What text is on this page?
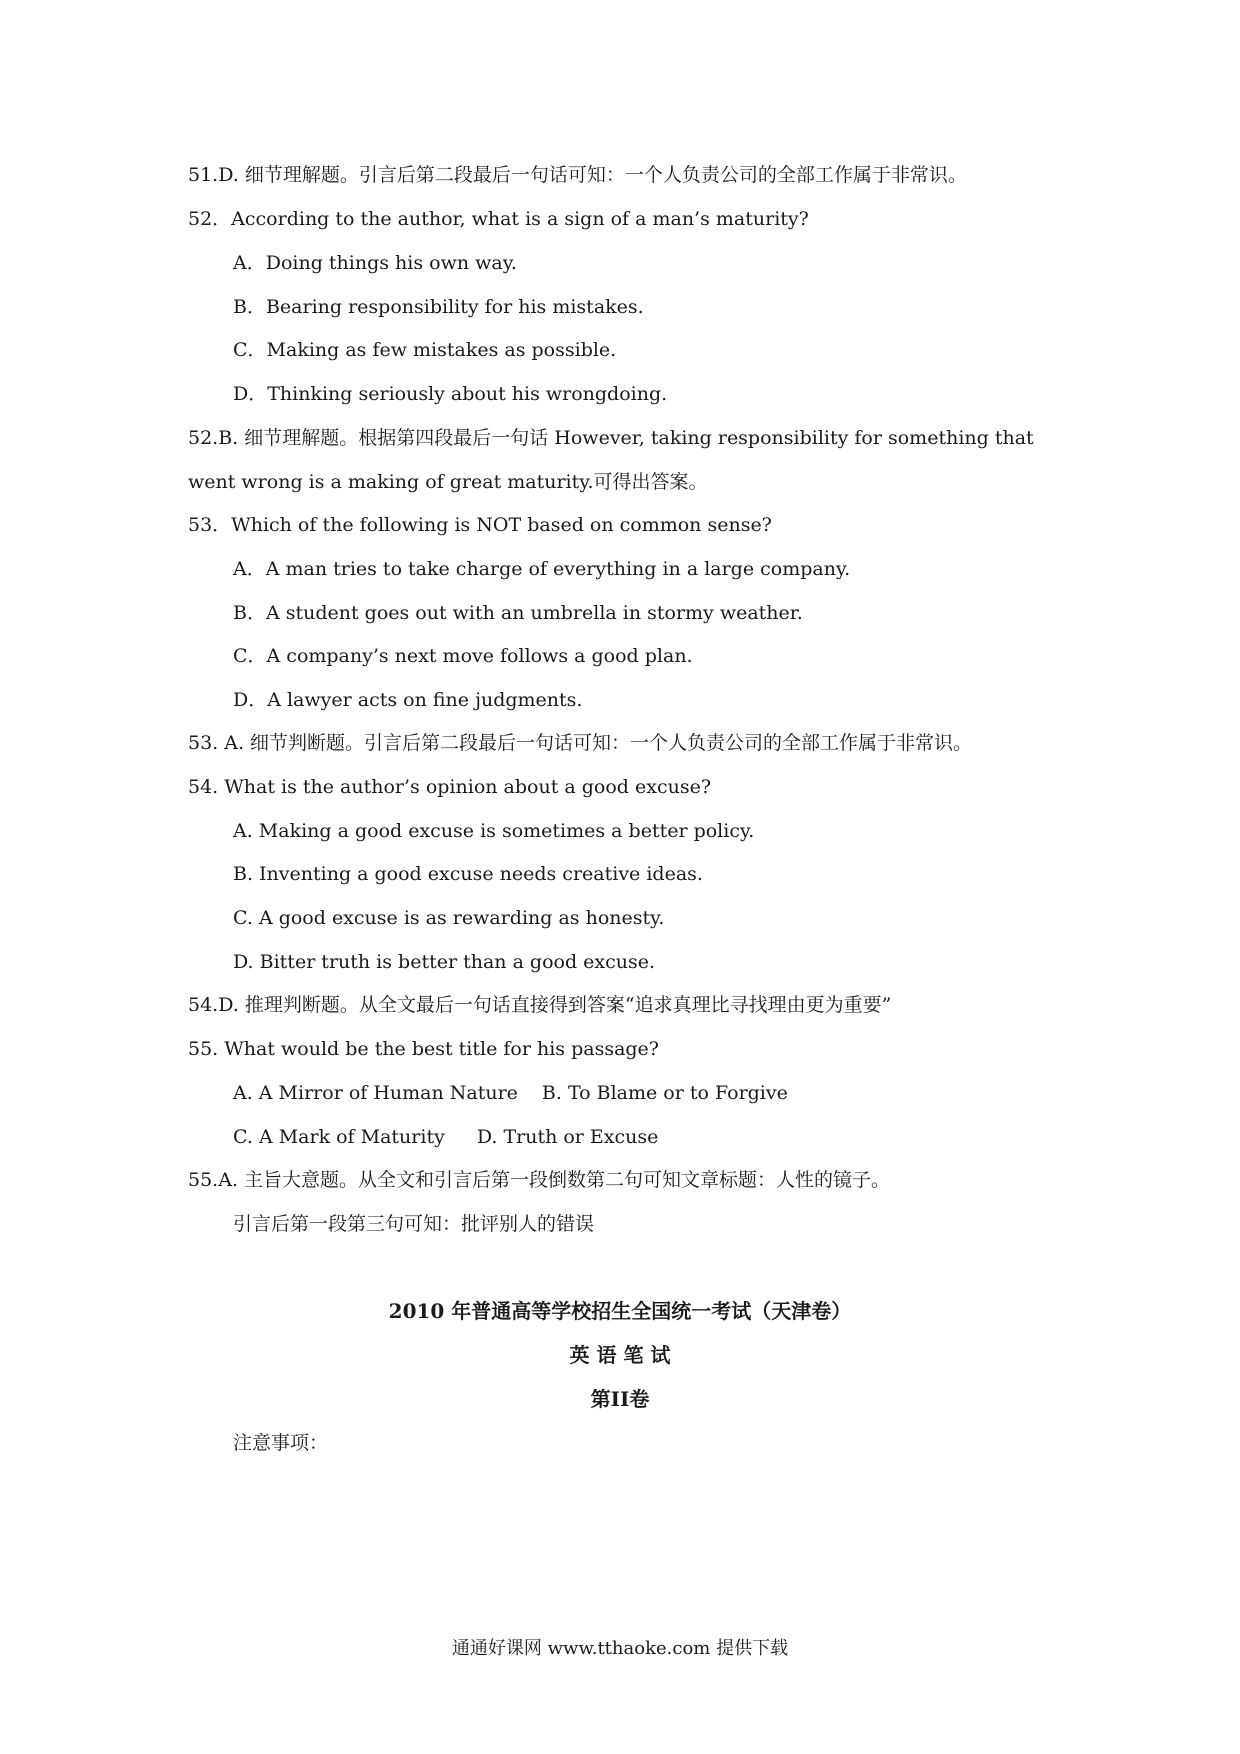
51.D. 细节理解题。引言后第二段最后一句话可知：一个人负责公司的全部工作属于非常识。
52．According to the author, what is a sign of a man’s maturity?
A．Doing things his own way.
B．Bearing responsibility for his mistakes.
C．Making as few mistakes as possible.
D．Thinking seriously about his wrongdoing.
52.B. 细节理解题。根据第四段最后一句话 However, taking responsibility for something that
went wrong is a making of great maturity.可得出答案。
53．Which of the following is NOT based on common sense?
A．A man tries to take charge of everything in a large company.
B．A student goes out with an umbrella in stormy weather.
C．A company’s next move follows a good plan.
D．A lawyer acts on fine judgments.
53. A. 细节判断题。引言后第二段最后一句话可知：一个人负责公司的全部工作属于非常识。
54. What is the author’s opinion about a good excuse?
A. Making a good excuse is sometimes a better policy.
B. Inventing a good excuse needs creative ideas.
C. A good excuse is as rewarding as honesty.
D. Bitter truth is better than a good excuse.
54.D. 推理判断题。从全文最后一句话直接得到答案“追求真理比寻找理由更为重要”
55. What would be the best title for his passage?
A. A Mirror of Human Nature B. To Blame or to Forgive
C. A Mark of Maturity D. Truth or Excuse
55.A. 主旨大意题。从全文和引言后第一段倒数第二句可知文章标题：人性的镜子。
引言后第一段第三句可知：批评别人的错误
2010 年普通高等学校招生全国统一考试（天津卷）
英 语 笔 试
第II卷
注意事项：
通通好课网 www.tthaoke.com 提供下载
